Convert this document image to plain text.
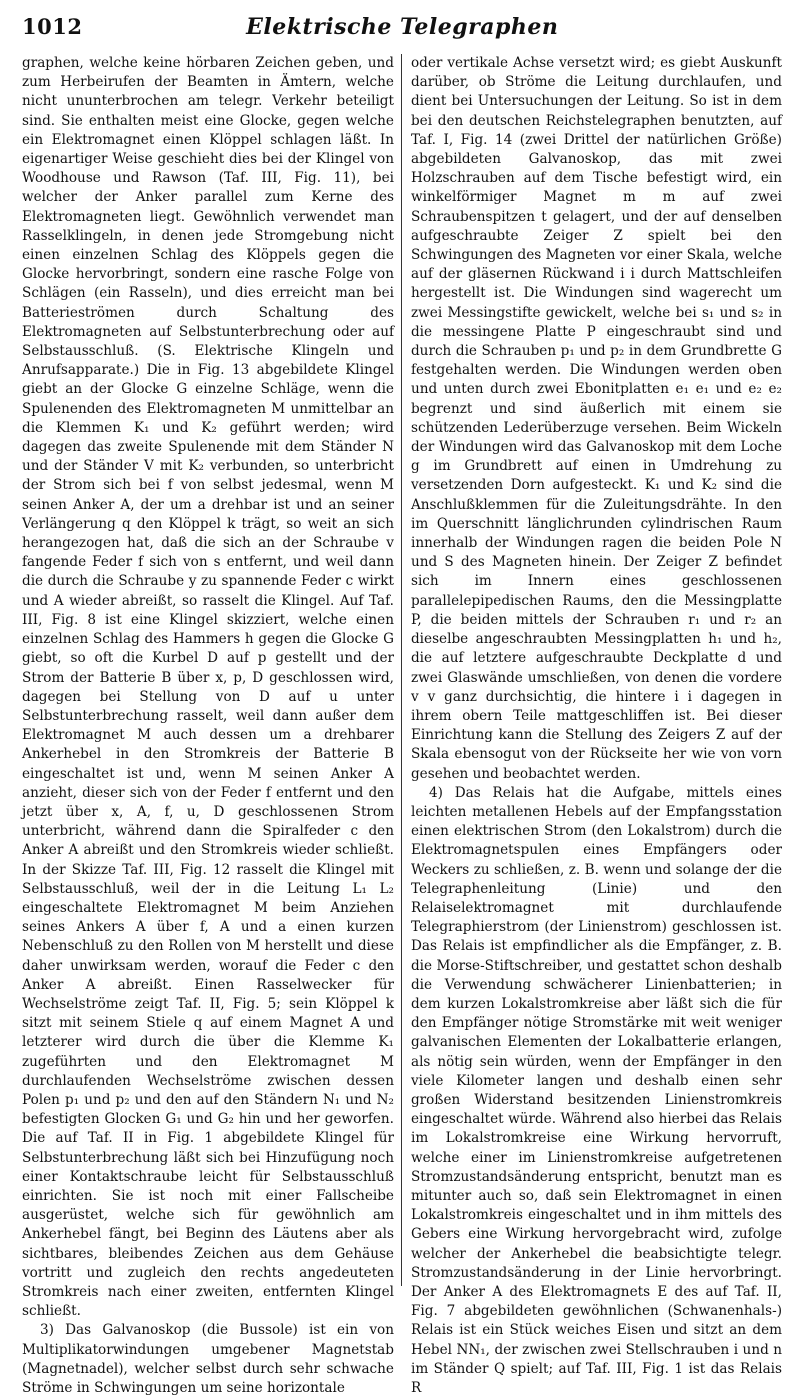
1012	Elektrische Telegraphen

graphen, welche keine hörbaren Zeichen geben, und zum Herbeirufen der Beamten in Ämtern, welche nicht ununterbrochen am telegr. Verkehr beteiligt sind. Sie enthalten meist eine Glocke, gegen welche ein Elektromagnet einen Klöppel schlagen läßt. In eigenartiger Weise geschieht dies bei der Klingel von Woodhouse und Rawson (Taf. III, Fig. 11), bei welcher der Anker parallel zum Kerne des Elektromagneten liegt. Gewöhnlich verwendet man Rasselklingeln, in denen jede Stromgebung nicht einen einzelnen Schlag des Klöppels gegen die Glocke hervorbringt, sondern eine rasche Folge von Schlägen (ein Rasseln), und dies erreicht man bei Batterieströmen durch Schaltung des Elektromagneten auf Selbstunterbrechung oder auf Selbstausschluß. (S. Elektrische Klingeln und Anrufsapparate.) Die in Fig. 13 abgebildete Klingel giebt an der Glocke G einzelne Schläge, wenn die Spulenenden des Elektromagneten M unmittelbar an die Klemmen K₁ und K₂ geführt werden; wird dagegen das zweite Spulenende mit dem Ständer N und der Ständer V mit K₂ verbunden, so unterbricht der Strom sich bei f von selbst jedesmal, wenn M seinen Anker A, der um a drehbar ist und an seiner Verlängerung q den Klöppel k trägt, so weit an sich herangezogen hat, daß die sich an der Schraube v fangende Feder f sich von s entfernt, und weil dann die durch die Schraube y zu spannende Feder c wirkt und A wieder abreißt, so rasselt die Klingel. Auf Taf. III, Fig. 8 ist eine Klingel skizziert, welche einen einzelnen Schlag des Hammers h gegen die Glocke G giebt, so oft die Kurbel D auf p gestellt und der Strom der Batterie B über x, p, D geschlossen wird, dagegen bei Stellung von D auf u unter Selbstunterbrechung rasselt, weil dann außer dem Elektromagnet M auch dessen um a drehbarer Ankerhebel in den Stromkreis der Batterie B eingeschaltet ist und, wenn M seinen Anker A anzieht, dieser sich von der Feder f entfernt und den jetzt über x, A, f, u, D geschlossenen Strom unterbricht, während dann die Spiralfeder c den Anker A abreißt und den Stromkreis wieder schließt. In der Skizze Taf. III, Fig. 12 rasselt die Klingel mit Selbstausschluß, weil der in die Leitung L₁ L₂ eingeschaltete Elektromagnet M beim Anziehen seines Ankers A über f, A und a einen kurzen Nebenschluß zu den Rollen von M herstellt und diese daher unwirksam werden, worauf die Feder c den Anker A abreißt. Einen Rasselwecker für Wechselströme zeigt Taf. II, Fig. 5; sein Klöppel k sitzt mit seinem Stiele q auf einem Magnet A und letzterer wird durch die über die Klemme K₁ zugeführten und den Elektromagnet M durchlaufenden Wechselströme zwischen dessen Polen p₁ und p₂ und den auf den Ständern N₁ und N₂ befestigten Glocken G₁ und G₂ hin und her geworfen. Die auf Taf. II in Fig. 1 abgebildete Klingel für Selbstunterbrechung läßt sich bei Hinzufügung noch einer Kontaktschraube leicht für Selbstausschluß einrichten. Sie ist noch mit einer Fallscheibe ausgerüstet, welche sich für gewöhnlich am Ankerhebel fängt, bei Beginn des Läutens aber als sichtbares, bleibendes Zeichen aus dem Gehäuse vortritt und zugleich den rechts angedeuteten Stromkreis nach einer zweiten, entfernten Klingel schließt.

3) Das Galvanoskop (die Bussole) ist ein von Multiplikatorwindungen umgebener Magnetstab (Magnetnadel), welcher selbst durch sehr schwache Ströme in Schwingungen um seine horizontale

oder vertikale Achse versetzt wird; es giebt Auskunft darüber, ob Ströme die Leitung durchlaufen, und dient bei Untersuchungen der Leitung. So ist in dem bei den deutschen Reichstelegraphen benutzten, auf Taf. I, Fig. 14 (zwei Drittel der natürlichen Größe) abgebildeten Galvanoskop, das mit zwei Holzschrauben auf dem Tische befestigt wird, ein winkelförmiger Magnet m m auf zwei Schraubenspitzen t gelagert, und der auf denselben aufgeschraubte Zeiger Z spielt bei den Schwingungen des Magneten vor einer Skala, welche auf der gläsernen Rückwand i i durch Mattschleifen hergestellt ist. Die Windungen sind wagerecht um zwei Messingstifte gewickelt, welche bei s₁ und s₂ in die messingene Platte P eingeschraubt sind und durch die Schrauben p₁ und p₂ in dem Grundbrette G festgehalten werden. Die Windungen werden oben und unten durch zwei Ebonitplatten e₁ e₁ und e₂ e₂ begrenzt und sind äußerlich mit einem sie schützenden Lederüberzuge versehen. Beim Wickeln der Windungen wird das Galvanoskop mit dem Loche g im Grundbrett auf einen in Umdrehung zu versetzenden Dorn aufgesteckt. K₁ und K₂ sind die Anschlußklemmen für die Zuleitungsdrähte. In den im Querschnitt länglichrunden cylindrischen Raum innerhalb der Windungen ragen die beiden Pole N und S des Magneten hinein. Der Zeiger Z befindet sich im Innern eines geschlossenen parallelepipedischen Raums, den die Messingplatte P, die beiden mittels der Schrauben r₁ und r₂ an dieselbe angeschraubten Messingplatten h₁ und h₂, die auf letztere aufgeschraubte Deckplatte d und zwei Glaswände umschließen, von denen die vordere v v ganz durchsichtig, die hintere i i dagegen in ihrem obern Teile mattgeschliffen ist. Bei dieser Einrichtung kann die Stellung des Zeigers Z auf der Skala ebensogut von der Rückseite her wie von vorn gesehen und beobachtet werden.

4) Das Relais hat die Aufgabe, mittels eines leichten metallenen Hebels auf der Empfangsstation einen elektrischen Strom (den Lokalstrom) durch die Elektromagnetspulen eines Empfängers oder Weckers zu schließen, z. B. wenn und solange der die Telegraphenleitung (Linie) und den Relaiselektromagnet mit durchlaufende Telegraphierstrom (der Linienstrom) geschlossen ist. Das Relais ist empfindlicher als die Empfänger, z. B. die Morse-Stiftschreiber, und gestattet schon deshalb die Verwendung schwächerer Linienbatterien; in dem kurzen Lokalstromkreise aber läßt sich die für den Empfänger nötige Stromstärke mit weit weniger galvanischen Elementen der Lokalbatterie erlangen, als nötig sein würden, wenn der Empfänger in den viele Kilometer langen und deshalb einen sehr großen Widerstand besitzenden Linienstromkreis eingeschaltet würde. Während also hierbei das Relais im Lokalstromkreise eine Wirkung hervorruft, welche einer im Linienstromkreise aufgetretenen Stromzustandsänderung entspricht, benutzt man es mitunter auch so, daß sein Elektromagnet in einen Lokalstromkreis eingeschaltet und in ihm mittels des Gebers eine Wirkung hervorgebracht wird, zufolge welcher der Ankerhebel die beabsichtigte telegr. Stromzustandsänderung in der Linie hervorbringt. Der Anker A des Elektromagnets E des auf Taf. II, Fig. 7 abgebildeten gewöhnlichen (Schwanenhals-) Relais ist ein Stück weiches Eisen und sitzt an dem Hebel NN₁, der zwischen zwei Stellschrauben i und n im Ständer Q spielt; auf Taf. III, Fig. 1 ist das Relais R
